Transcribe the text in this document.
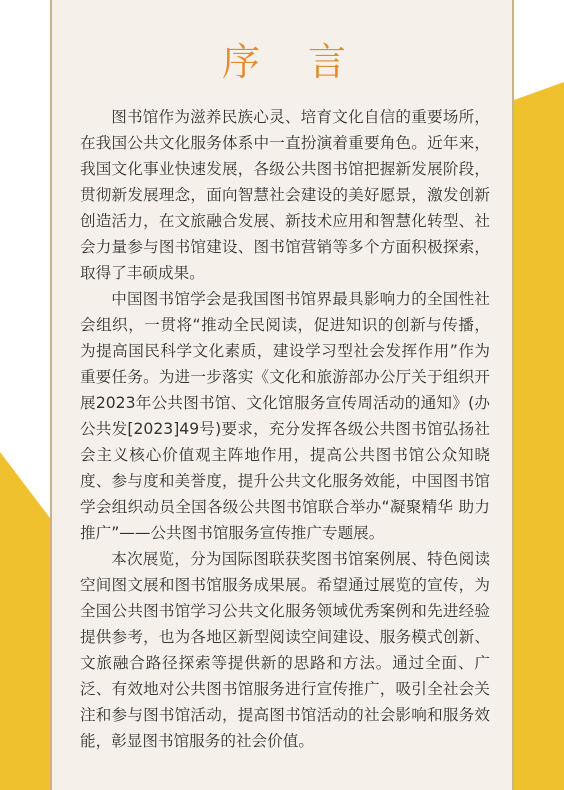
序 言

图书馆作为滋养民族心灵、培育文化自信的重要场所，在我国公共文化服务体系中一直扮演着重要角色。近年来，我国文化事业快速发展，各级公共图书馆把握新发展阶段，贯彻新发展理念，面向智慧社会建设的美好愿景，激发创新创造活力，在文旅融合发展、新技术应用和智慧化转型、社会力量参与图书馆建设、图书馆营销等多个方面积极探索，取得了丰硕成果。

中国图书馆学会是我国图书馆界最具影响力的全国性社会组织，一贯将“推动全民阅读，促进知识的创新与传播，为提高国民科学文化素质，建设学习型社会发挥作用”作为重要任务。为进一步落实《文化和旅游部办公厅关于组织开展2023年公共图书馆、文化馆服务宣传周活动的通知》(办公共发[2023]49号)要求，充分发挥各级公共图书馆弘扬社会主义核心价值观主阵地作用，提高公共图书馆公众知晓度、参与度和美誉度，提升公共文化服务效能，中国图书馆学会组织动员全国各级公共图书馆联合举办“凝聚精华 助力推广”——公共图书馆服务宣传推广专题展。

本次展览，分为国际图联获奖图书馆案例展、特色阅读空间图文展和图书馆服务成果展。希望通过展览的宣传，为全国公共图书馆学习公共文化服务领域优秀案例和先进经验提供参考，也为各地区新型阅读空间建设、服务模式创新、文旅融合路径探索等提供新的思路和方法。通过全面、广泛、有效地对公共图书馆服务进行宣传推广，吸引全社会关注和参与图书馆活动，提高图书馆活动的社会影响和服务效能，彰显图书馆服务的社会价值。
